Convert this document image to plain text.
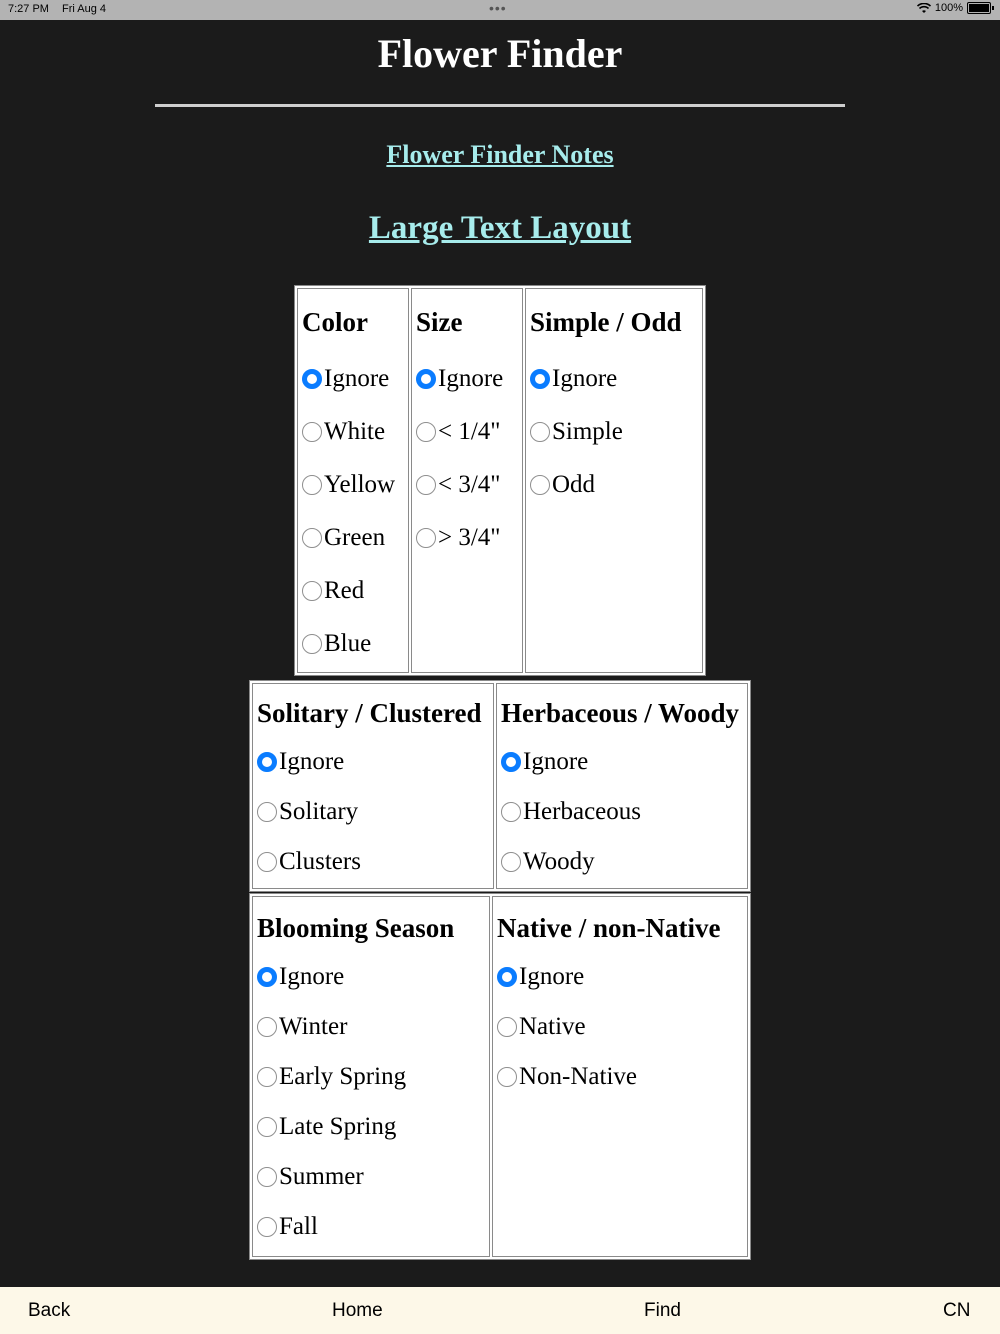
7:27 PM Fri Aug 4	•••	100%
Flower Finder
Flower Finder Notes
Large Text Layout
Color
Ignore
White
Yellow
Green
Red
Blue

Size
Ignore
< 1/4"
< 3/4"
> 3/4"

Simple / Odd
Ignore
Simple
Odd
Solitary / Clustered
Ignore
Solitary
Clusters

Herbaceous / Woody
Ignore
Herbaceous
Woody
Blooming Season
Ignore
Winter
Early Spring
Late Spring
Summer
Fall

Native / non-Native
Ignore
Native
Non-Native
Back	Home	Find	CN
